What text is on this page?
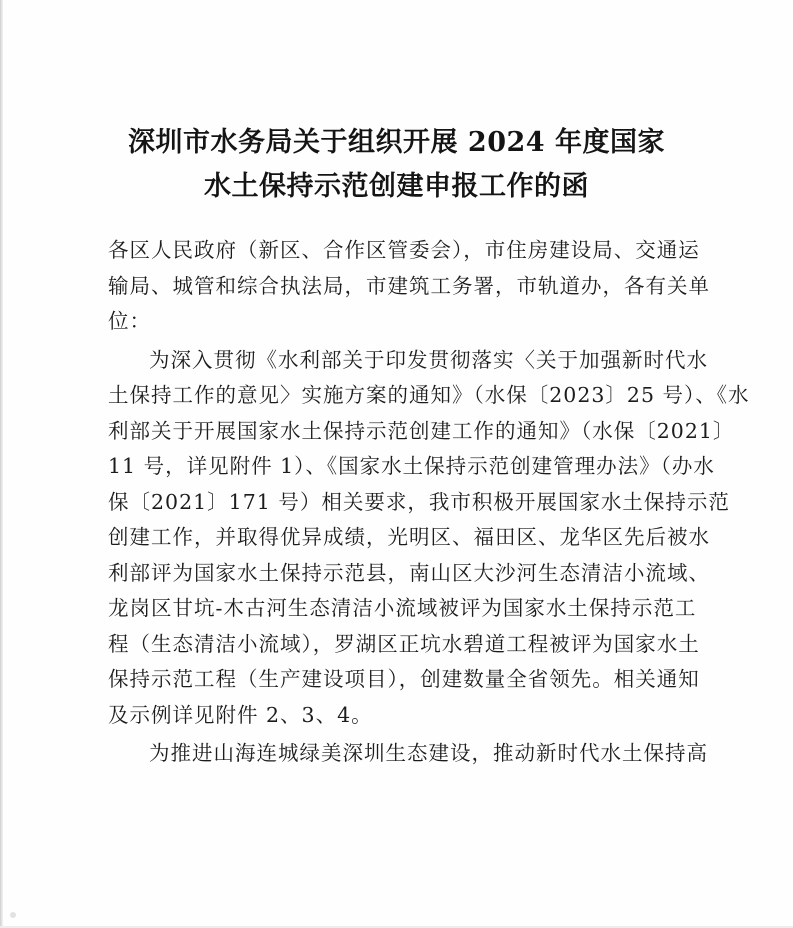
深圳市水务局关于组织开展 2024 年度国家
水土保持示范创建申报工作的函
各区人民政府（新区、合作区管委会），市住房建设局、交通运
输局、城管和综合执法局，市建筑工务署，市轨道办，各有关单
位：
为深入贯彻《水利部关于印发贯彻落实〈关于加强新时代水
土保持工作的意见〉实施方案的通知》（水保〔2023〕25 号）、《水
利部关于开展国家水土保持示范创建工作的通知》（水保〔2021〕
11 号，详见附件 1）、《国家水土保持示范创建管理办法》（办水
保〔2021〕171 号）相关要求，我市积极开展国家水土保持示范
创建工作，并取得优异成绩，光明区、福田区、龙华区先后被水
利部评为国家水土保持示范县，南山区大沙河生态清洁小流域、
龙岗区甘坑-木古河生态清洁小流域被评为国家水土保持示范工
程（生态清洁小流域），罗湖区正坑水碧道工程被评为国家水土
保持示范工程（生产建设项目），创建数量全省领先。相关通知
及示例详见附件 2、3、4。
为推进山海连城绿美深圳生态建设，推动新时代水土保持高
